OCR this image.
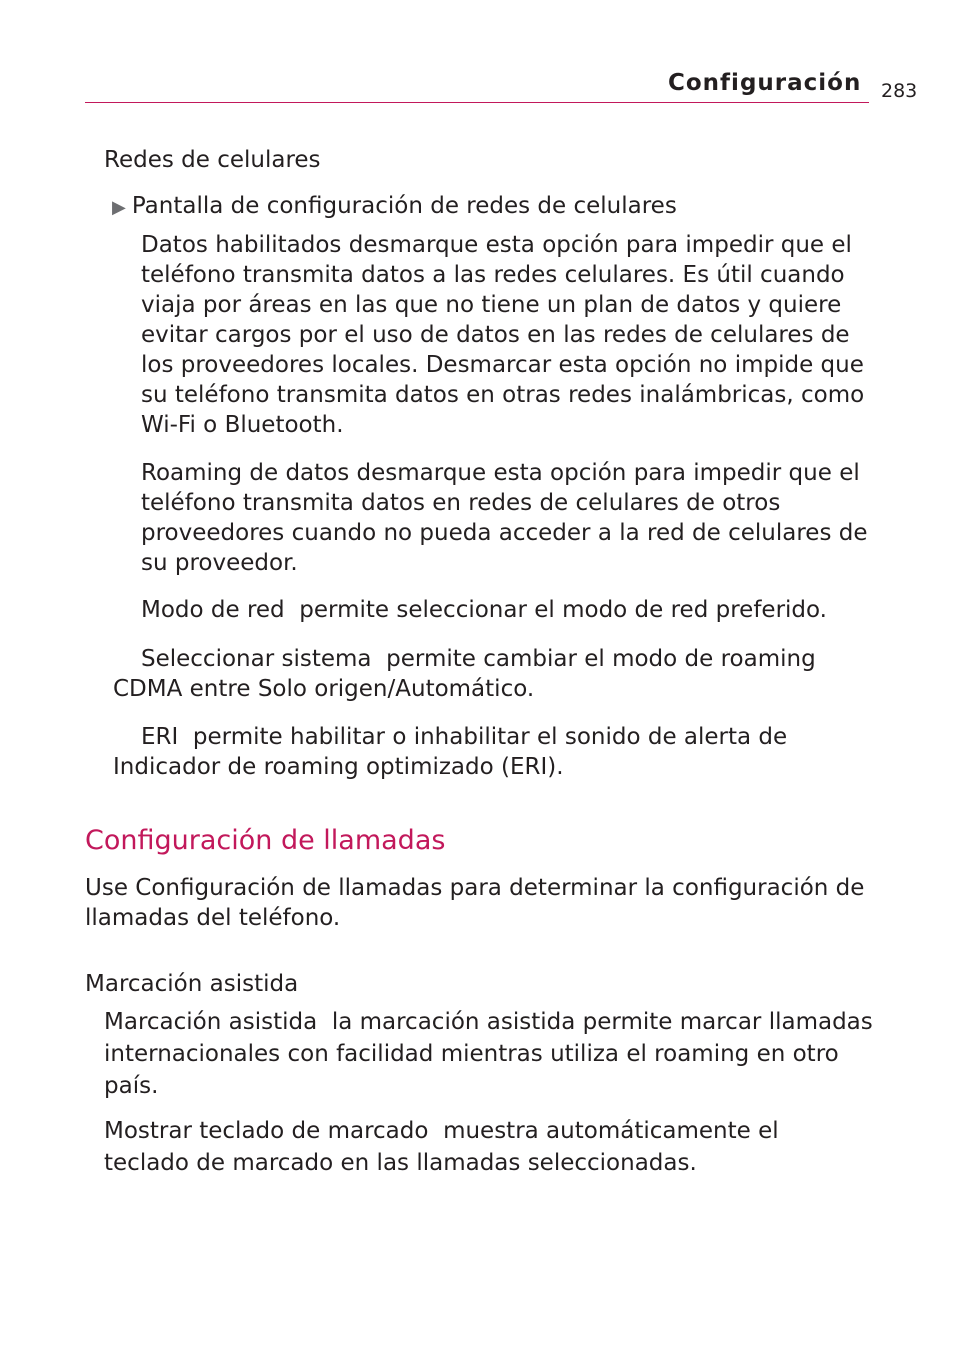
Configuración 283
Redes de celulares
▶ Pantalla de configuración de redes de celulares
Datos habilitados desmarque esta opción para impedir que el
teléfono transmita datos a las redes celulares. Es útil cuando
viaja por áreas en las que no tiene un plan de datos y quiere
evitar cargos por el uso de datos en las redes de celulares de
los proveedores locales. Desmarcar esta opción no impide que
su teléfono transmita datos en otras redes inalámbricas, como
Wi-Fi o Bluetooth.
Roaming de datos desmarque esta opción para impedir que el
teléfono transmita datos en redes de celulares de otros
proveedores cuando no pueda acceder a la red de celulares de
su proveedor.
Modo de red permite seleccionar el modo de red preferido.
Seleccionar sistema permite cambiar el modo de roaming
CDMA entre Solo origen/Automático.
ERI permite habilitar o inhabilitar el sonido de alerta de
Indicador de roaming optimizado (ERI).
Configuración de llamadas
Use Configuración de llamadas para determinar la configuración de
llamadas del teléfono.
Marcación asistida
Marcación asistida la marcación asistida permite marcar llamadas
internacionales con facilidad mientras utiliza el roaming en otro
país.
Mostrar teclado de marcado muestra automáticamente el
teclado de marcado en las llamadas seleccionadas.
